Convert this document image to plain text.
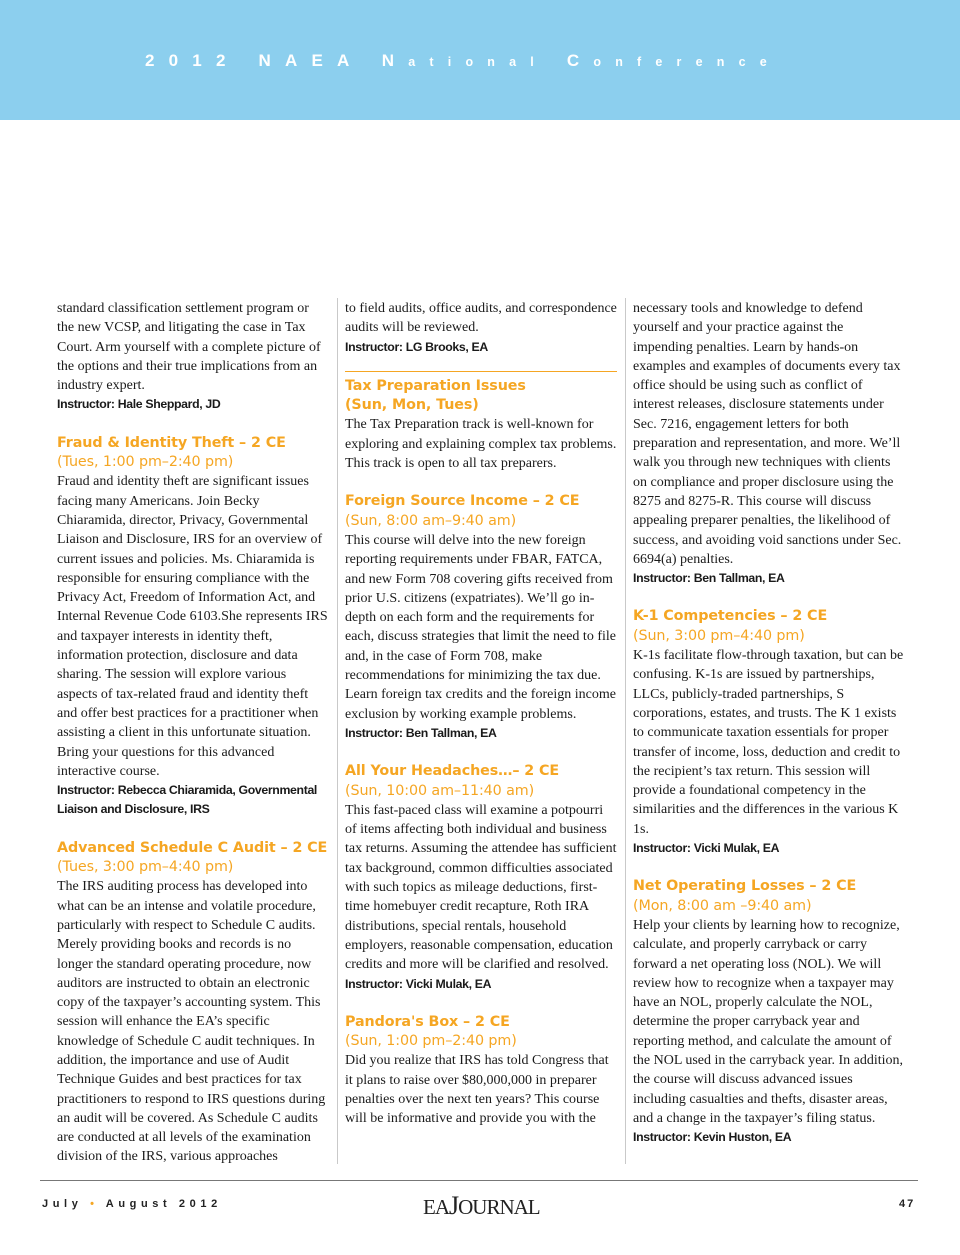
2012 NAEA National Conference

standard classification settlement program or the new VCSP, and litigating the case in Tax Court. Arm yourself with a complete picture of the options and their true implications from an industry expert.

Instructor: Hale Sheppard, JD

Fraud & Identity Theft – 2 CE

(Tues, 1:00 pm–2:40 pm)

Fraud and identity theft are significant issues facing many Americans. Join Becky Chiaramida, director, Privacy, Governmental Liaison and Disclosure, IRS for an overview of current issues and policies. Ms. Chiaramida is responsible for ensuring compliance with the Privacy Act, Freedom of Information Act, and Internal Revenue Code 6103.She represents IRS and taxpayer interests in identity theft, information protection, disclosure and data sharing. The session will explore various aspects of tax-related fraud and identity theft and offer best practices for a practitioner when assisting a client in this unfortunate situation. Bring your questions for this advanced interactive course.

Instructor: Rebecca Chiaramida, Governmental Liaison and Disclosure, IRS

Advanced Schedule C Audit – 2 CE

(Tues, 3:00 pm–4:40 pm)

The IRS auditing process has developed into what can be an intense and volatile procedure, particularly with respect to Schedule C audits. Merely providing books and records is no longer the standard operating procedure, now auditors are instructed to obtain an electronic copy of the taxpayer’s accounting system. This session will enhance the EA’s specific knowledge of Schedule C audit techniques. In addition, the importance and use of Audit Technique Guides and best practices for tax practitioners to respond to IRS questions during an audit will be covered. As Schedule C audits are conducted at all levels of the examination division of the IRS, various approaches

to field audits, office audits, and correspondence audits will be reviewed.

Instructor: LG Brooks, EA

Tax Preparation Issues

(Sun, Mon, Tues)

The Tax Preparation track is well-known for exploring and explaining complex tax problems. This track is open to all tax preparers.

Foreign Source Income – 2 CE

(Sun, 8:00 am–9:40 am)

This course will delve into the new foreign reporting requirements under FBAR, FATCA, and new Form 708 covering gifts received from prior U.S. citizens (expatriates). We’ll go in-depth on each form and the requirements for each, discuss strategies that limit the need to file and, in the case of Form 708, make recommendations for minimizing the tax due. Learn foreign tax credits and the foreign income exclusion by working example problems.

Instructor: Ben Tallman, EA

All Your Headaches…– 2 CE

(Sun, 10:00 am–11:40 am)

This fast-paced class will examine a potpourri of items affecting both individual and business tax returns. Assuming the attendee has sufficient tax background, common difficulties associated with such topics as mileage deductions, first-time homebuyer credit recapture, Roth IRA distributions, special rentals, household employers, reasonable compensation, education credits and more will be clarified and resolved.

Instructor: Vicki Mulak, EA

Pandora's Box – 2 CE

(Sun, 1:00 pm–2:40 pm)

Did you realize that IRS has told Congress that it plans to raise over $80,000,000 in preparer penalties over the next ten years? This course will be informative and provide you with the

necessary tools and knowledge to defend yourself and your practice against the impending penalties. Learn by hands-on examples and examples of documents every tax office should be using such as conflict of interest releases, disclosure statements under Sec. 7216, engagement letters for both preparation and representation, and more. We’ll walk you through new techniques with clients on compliance and proper disclosure using the 8275 and 8275-R. This course will discuss appealing preparer penalties, the likelihood of success, and avoiding void sanctions under Sec. 6694(a) penalties.

Instructor: Ben Tallman, EA

K-1 Competencies – 2 CE

(Sun, 3:00 pm–4:40 pm)

K-1s facilitate flow-through taxation, but can be confusing. K-1s are issued by partnerships, LLCs, publicly-traded partnerships, S corporations, estates, and trusts. The K 1 exists to communicate taxation essentials for proper transfer of income, loss, deduction and credit to the recipient’s tax return. This session will provide a foundational competency in the similarities and the differences in the various K 1s.

Instructor: Vicki Mulak, EA

Net Operating Losses – 2 CE

(Mon, 8:00 am –9:40 am)

Help your clients by learning how to recognize, calculate, and properly carryback or carry forward a net operating loss (NOL). We will review how to recognize when a taxpayer may have an NOL, properly calculate the NOL, determine the proper carryback year and reporting method, and calculate the amount of the NOL used in the carryback year. In addition, the course will discuss advanced issues including casualties and thefts, disaster areas, and a change in the taxpayer’s filing status.

Instructor: Kevin Huston, EA

July • August 2012	EAJOURNAL	47
